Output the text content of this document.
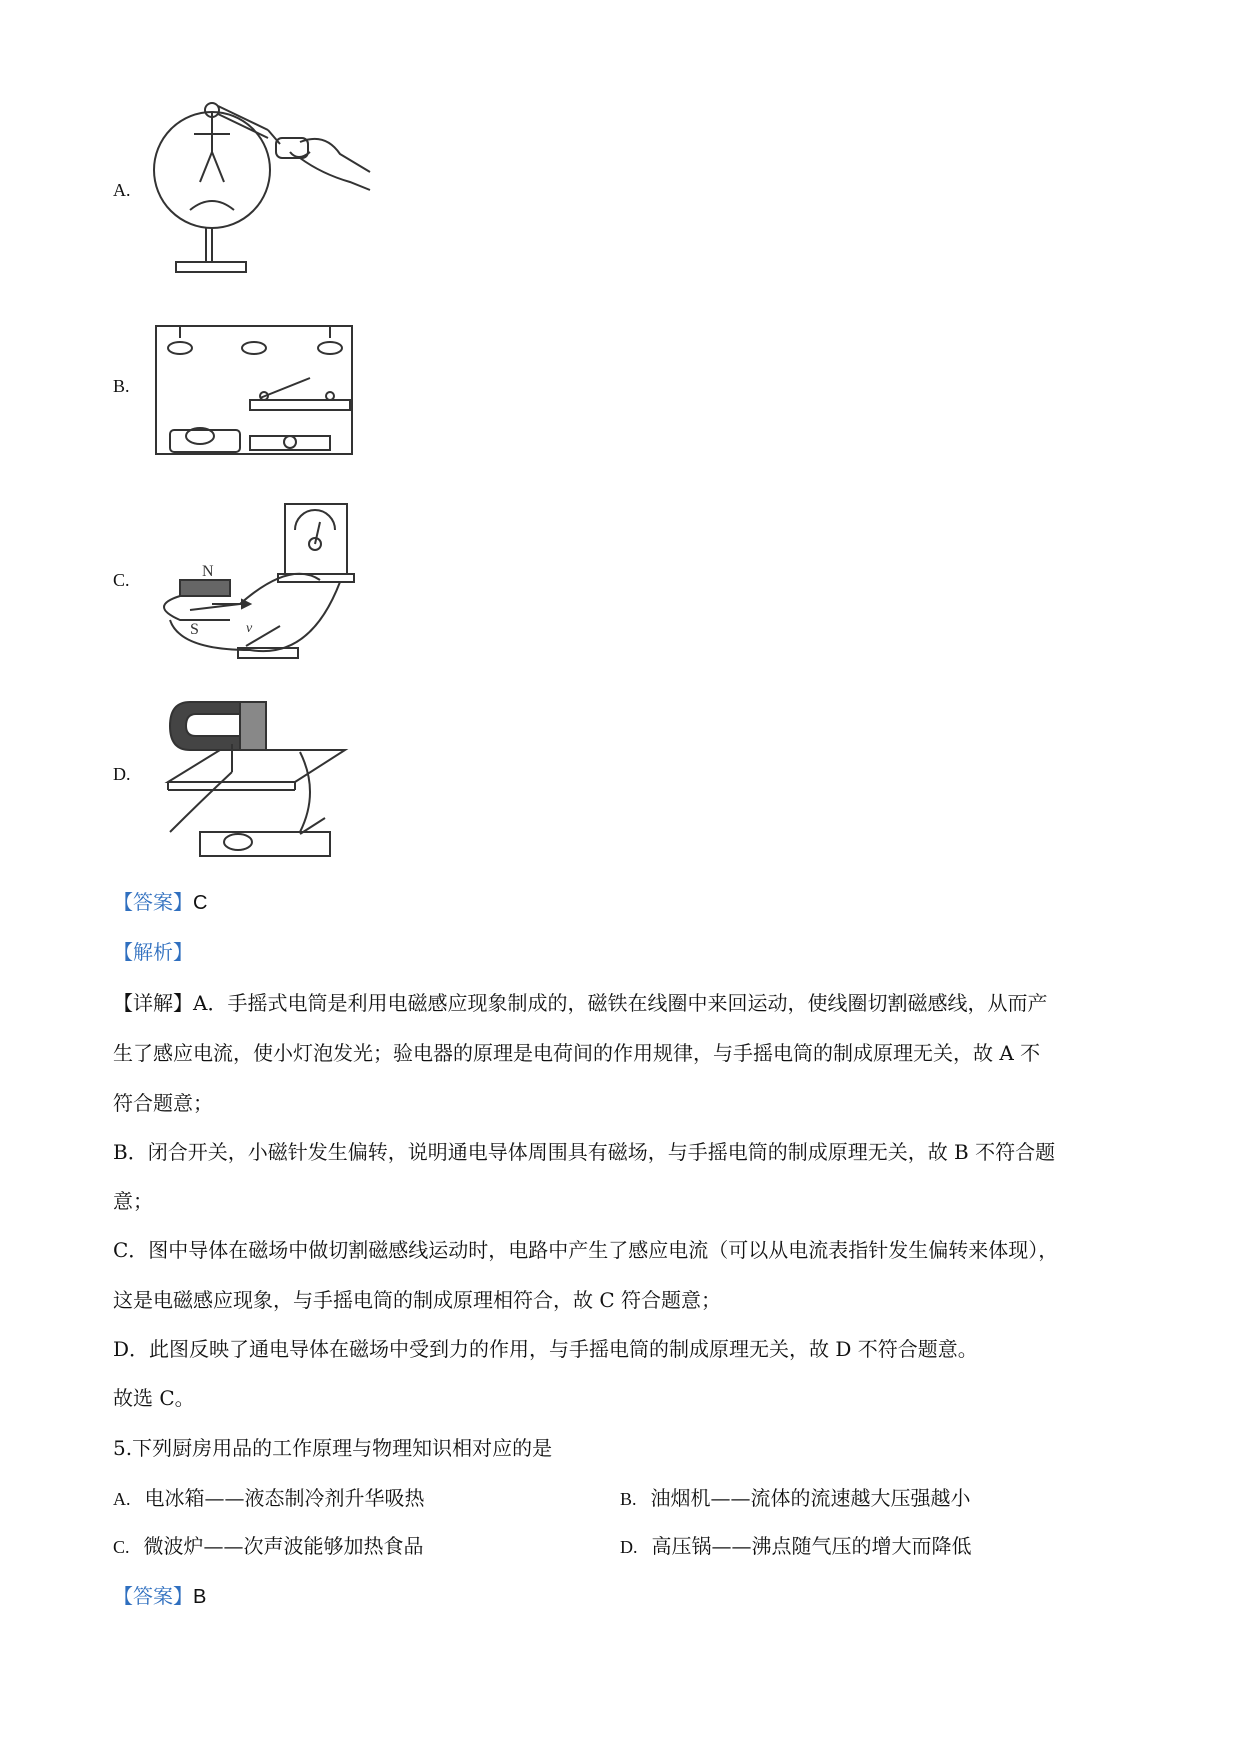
A.
B.
C.	N
S	v
D.
【答案】C
【解析】
【详解】A．手摇式电筒是利用电磁感应现象制成的，磁铁在线圈中来回运动，使线圈切割磁感线，从而产
生了感应电流，使小灯泡发光；验电器的原理是电荷间的作用规律，与手摇电筒的制成原理无关，故 A 不
符合题意；
B．闭合开关，小磁针发生偏转，说明通电导体周围具有磁场，与手摇电筒的制成原理无关，故 B 不符合题
意；
C．图中导体在磁场中做切割磁感线运动时，电路中产生了感应电流（可以从电流表指针发生偏转来体现），
这是电磁感应现象，与手摇电筒的制成原理相符合，故 C 符合题意；
D．此图反映了通电导体在磁场中受到力的作用，与手摇电筒的制成原理无关，故 D 不符合题意。
故选 C。
5.下列厨房用品的工作原理与物理知识相对应的是
A. 电冰箱——液态制冷剂升华吸热	B. 油烟机——流体的流速越大压强越小
C. 微波炉——次声波能够加热食品	D. 高压锅——沸点随气压的增大而降低
【答案】B
